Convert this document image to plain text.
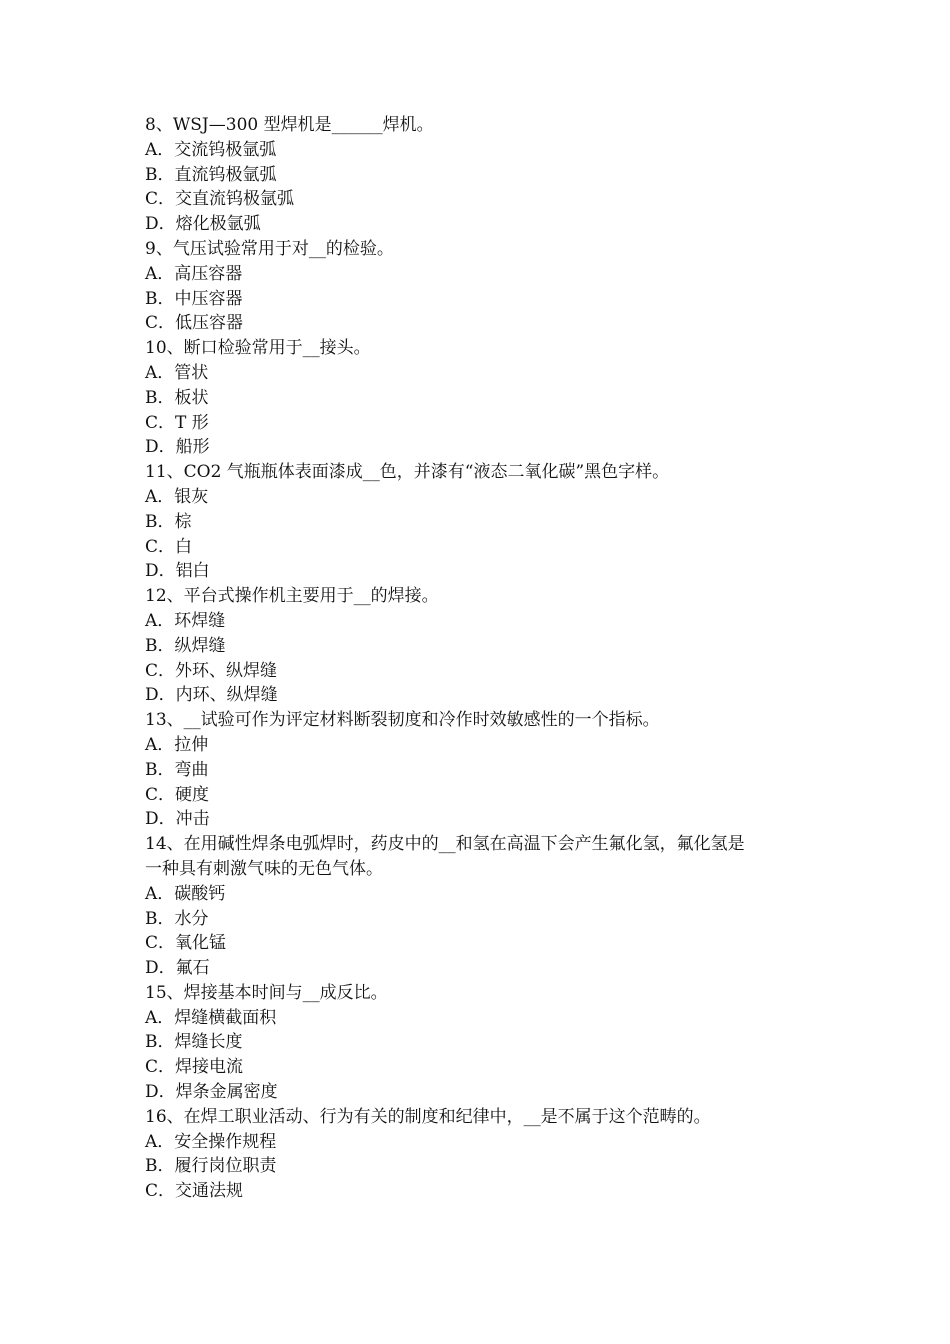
8、WSJ—300 型焊机是______焊机。

A．交流钨极氩弧

B．直流钨极氩弧

C．交直流钨极氩弧

D．熔化极氩弧

9、气压试验常用于对__的检验。

A．高压容器

B．中压容器

C．低压容器

10、断口检验常用于__接头。

A．管状

B．板状

C．T 形

D．船形

11、CO2 气瓶瓶体表面漆成__色，并漆有“液态二氧化碳”黑色字样。

A．银灰

B．棕

C．白

D．铝白

12、平台式操作机主要用于__的焊接。

A．环焊缝

B．纵焊缝

C．外环、纵焊缝

D．内环、纵焊缝

13、__试验可作为评定材料断裂韧度和冷作时效敏感性的一个指标。

A．拉伸

B．弯曲

C．硬度

D．冲击

14、在用碱性焊条电弧焊时，药皮中的__和氢在高温下会产生氟化氢，氟化氢是

一种具有刺激气味的无色气体。

A．碳酸钙

B．水分

C．氧化锰

D．氟石

15、焊接基本时间与__成反比。

A．焊缝横截面积

B．焊缝长度

C．焊接电流

D．焊条金属密度

16、在焊工职业活动、行为有关的制度和纪律中，__是不属于这个范畴的。

A．安全操作规程

B．履行岗位职责

C．交通法规
